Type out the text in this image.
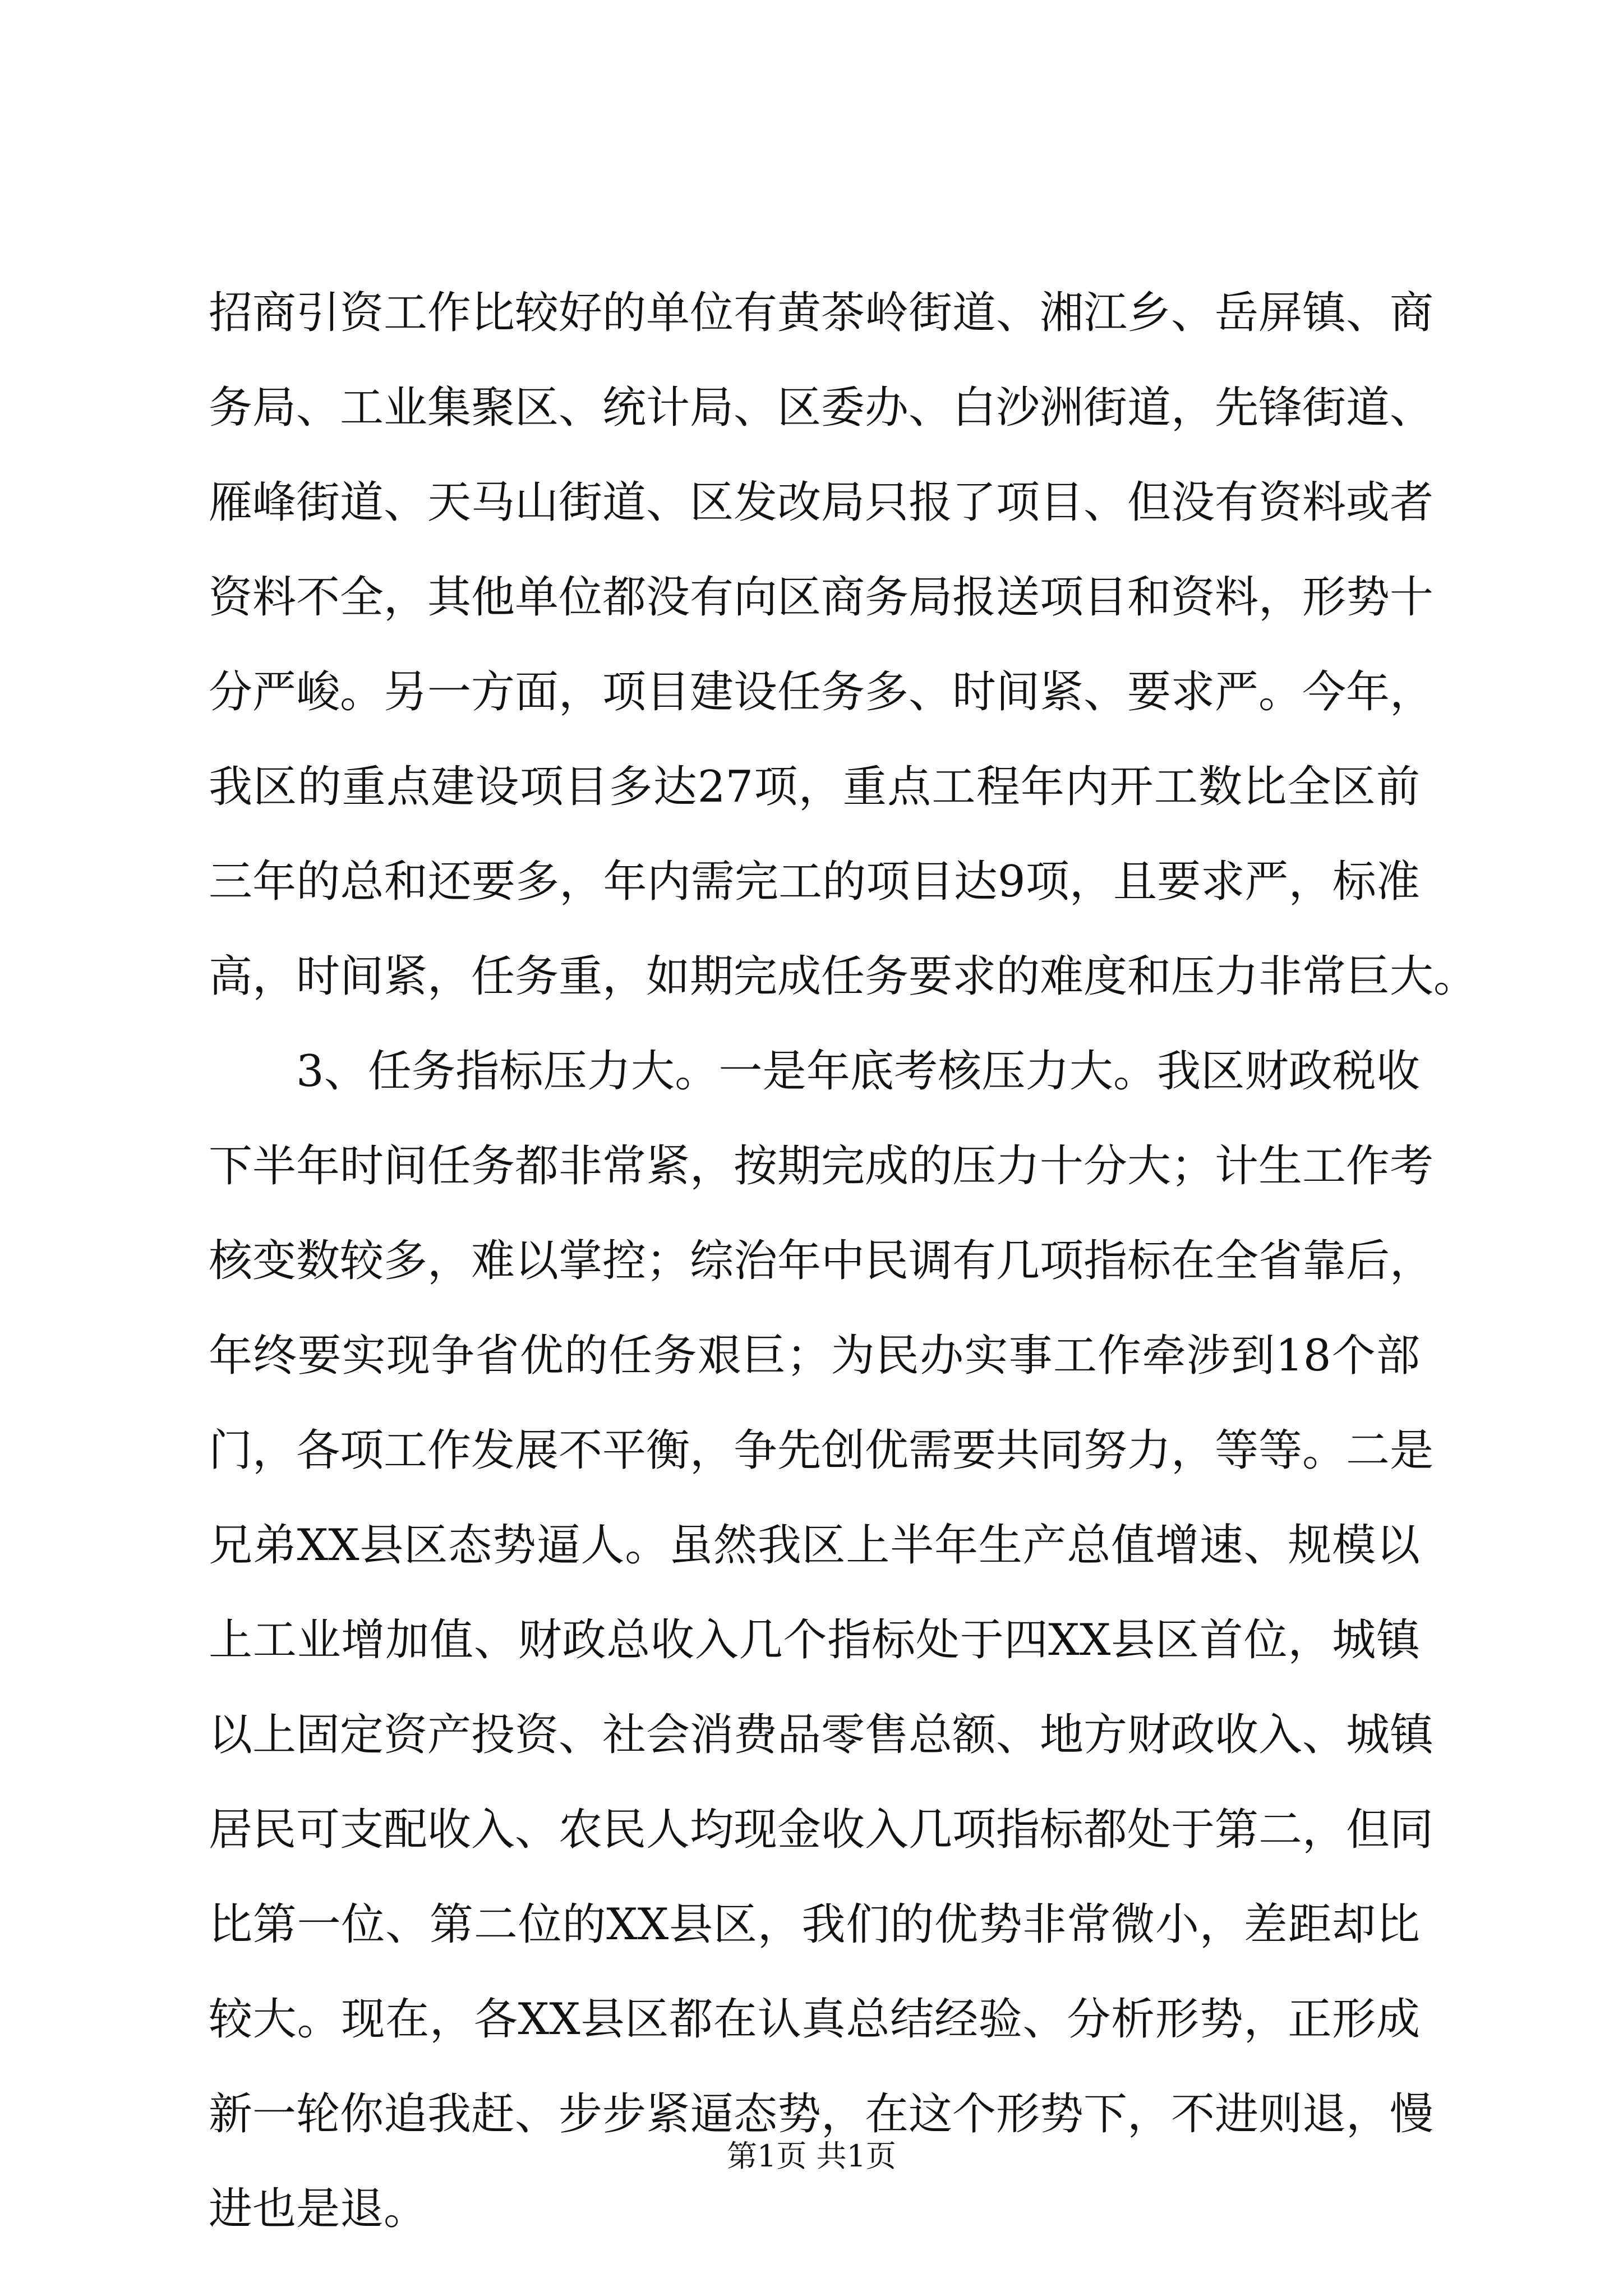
招商引资工作比较好的单位有黄茶岭街道、湘江乡、岳屏镇、商
务局、工业集聚区、统计局、区委办、白沙洲街道，先锋街道、
雁峰街道、天马山街道、区发改局只报了项目、但没有资料或者
资料不全，其他单位都没有向区商务局报送项目和资料，形势十
分严峻。另一方面，项目建设任务多、时间紧、要求严。今年，
我区的重点建设项目多达27项，重点工程年内开工数比全区前
三年的总和还要多，年内需完工的项目达9项，且要求严，标准
高，时间紧，任务重，如期完成任务要求的难度和压力非常巨大。
3、任务指标压力大。一是年底考核压力大。我区财政税收
下半年时间任务都非常紧，按期完成的压力十分大；计生工作考
核变数较多，难以掌控；综治年中民调有几项指标在全省靠后，
年终要实现争省优的任务艰巨；为民办实事工作牵涉到18个部
门，各项工作发展不平衡，争先创优需要共同努力，等等。二是
兄弟XX县区态势逼人。虽然我区上半年生产总值增速、规模以
上工业增加值、财政总收入几个指标处于四XX县区首位，城镇
以上固定资产投资、社会消费品零售总额、地方财政收入、城镇
居民可支配收入、农民人均现金收入几项指标都处于第二，但同
比第一位、第二位的XX县区，我们的优势非常微小，差距却比
较大。现在，各XX县区都在认真总结经验、分析形势，正形成
新一轮你追我赶、步步紧逼态势，在这个形势下，不进则退，慢
进也是退。
第1页 共1页
